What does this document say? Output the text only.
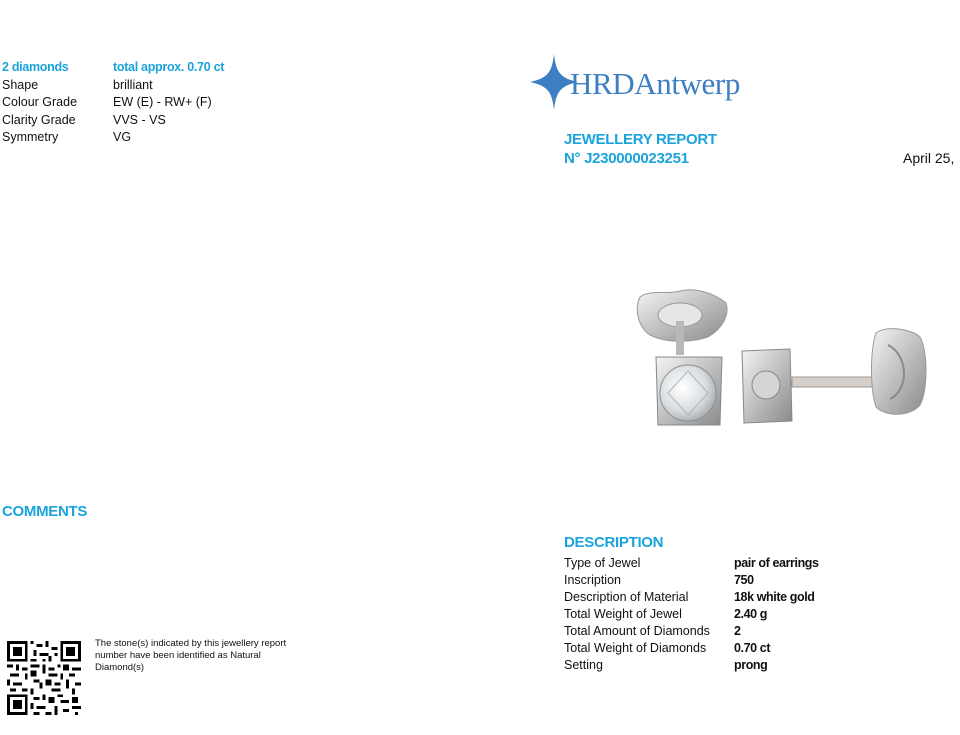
2 diamonds	total approx. 0.70 ct
Shape	brilliant
Colour Grade	EW (E) - RW+ (F)
Clarity Grade	VVS - VS
Symmetry	VG
HRDAntwerp
JEWELLERY REPORT
N° J230000023251	April 25,
COMMENTS
DESCRIPTION
Type of Jewel	pair of earrings
Inscription	750
Description of Material	18k white gold
Total Weight of Jewel	2.40 g
Total Amount of Diamonds	2
Total Weight of Diamonds	0.70 ct
Setting	prong
The stone(s) indicated by this jewellery report number have been identified as Natural Diamond(s)
